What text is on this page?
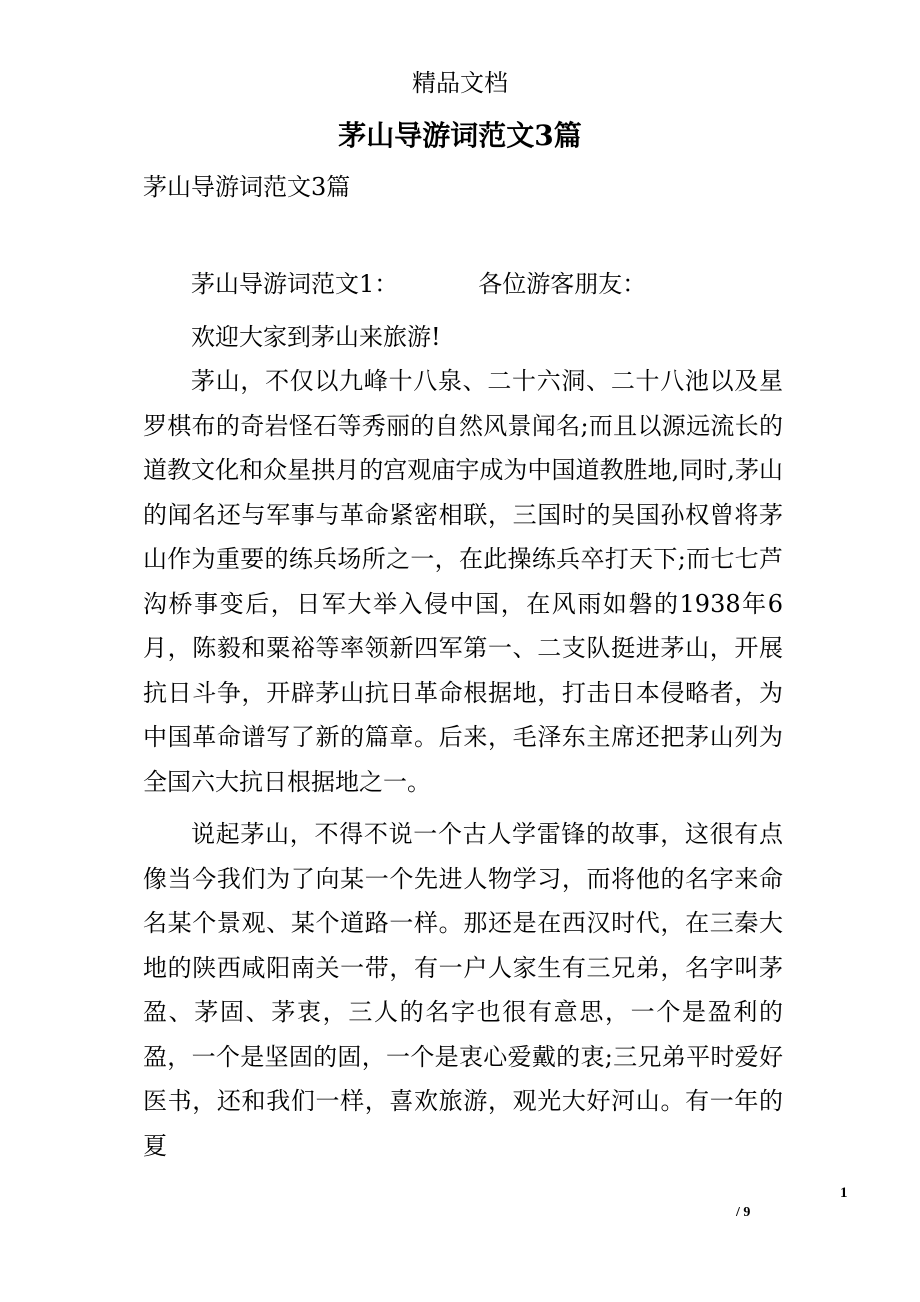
精品文档
茅山导游词范文3篇
茅山导游词范文3篇

茅山导游词范文1：	各位游客朋友：

欢迎大家到茅山来旅游!

茅山，不仅以九峰十八泉、二十六洞、二十八池以及星罗棋布的奇岩怪石等秀丽的自然风景闻名;而且以源远流长的道教文化和众星拱月的宫观庙宇成为中国道教胜地,同时,茅山的闻名还与军事与革命紧密相联，三国时的吴国孙权曾将茅山作为重要的练兵场所之一，在此操练兵卒打天下;而七七芦沟桥事变后，日军大举入侵中国，在风雨如磐的1938年6月，陈毅和粟裕等率领新四军第一、二支队挺进茅山，开展抗日斗争，开辟茅山抗日革命根据地，打击日本侵略者，为中国革命谱写了新的篇章。后来，毛泽东主席还把茅山列为全国六大抗日根据地之一。

说起茅山，不得不说一个古人学雷锋的故事，这很有点像当今我们为了向某一个先进人物学习，而将他的名字来命名某个景观、某个道路一样。那还是在西汉时代，在三秦大地的陕西咸阳南关一带，有一户人家生有三兄弟，名字叫茅盈、茅固、茅衷，三人的名字也很有意思，一个是盈利的盈，一个是坚固的固，一个是衷心爱戴的衷;三兄弟平时爱好医书，还和我们一样，喜欢旅游，观光大好河山。有一年的夏

1
/ 9
